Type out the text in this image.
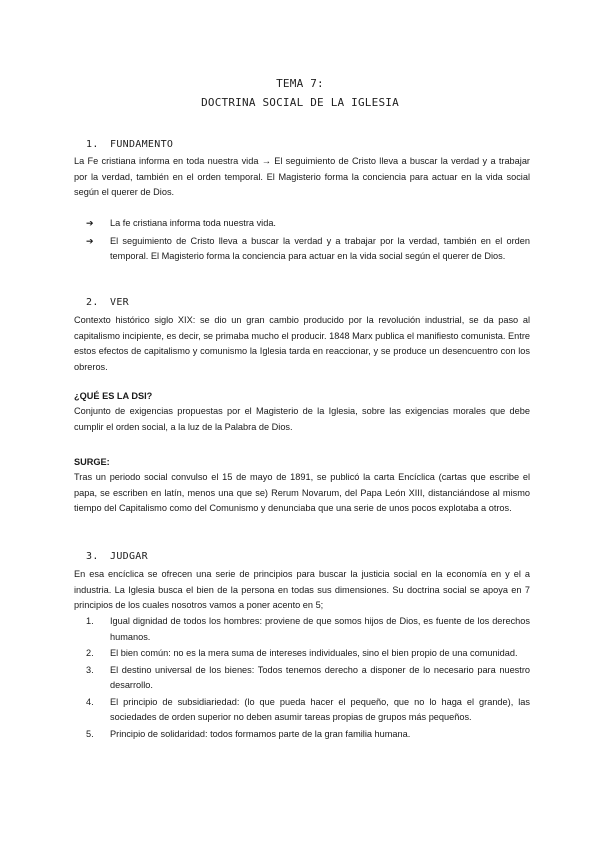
TEMA 7:
DOCTRINA SOCIAL DE LA IGLESIA
1. FUNDAMENTO

La Fe cristiana informa en toda nuestra vida → El seguimiento de Cristo lleva a buscar la verdad y a trabajar por la verdad, también en el orden temporal. El Magisterio forma la conciencia para actuar en la vida social según el querer de Dios.

➔ La fe cristiana informa toda nuestra vida.
➔ El seguimiento de Cristo lleva a buscar la verdad y a trabajar por la verdad, también en el orden temporal. El Magisterio forma la conciencia para actuar en la vida social según el querer de Dios.
2. VER

Contexto histórico siglo XIX: se dio un gran cambio producido por la revolución industrial, se da paso al capitalismo incipiente, es decir, se primaba mucho el producir. 1848 Marx publica el manifiesto comunista. Entre estos efectos de capitalismo y comunismo la Iglesia tarda en reaccionar, y se produce un desencuentro con los obreros.

¿QUÉ ES LA DSI?

Conjunto de exigencias propuestas por el Magisterio de la Iglesia, sobre las exigencias morales que debe cumplir el orden social, a la luz de la Palabra de Dios.

SURGE:

Tras un periodo social convulso el 15 de mayo de 1891, se publicó la carta Encíclica (cartas que escribe el papa, se escriben en latín, menos una que se) Rerum Novarum, del Papa León XIII, distanciándose al mismo tiempo del Capitalismo como del Comunismo y denunciaba que una serie de unos pocos explotaba a otros.

3. JUDGAR

En esa encíclica se ofrecen una serie de principios para buscar la justicia social en la economía en y el a industria. La Iglesia busca el bien de la persona en todas sus dimensiones. Su doctrina social se apoya en 7 principios de los cuales nosotros vamos a poner acento en 5;

1. Igual dignidad de todos los hombres: proviene de que somos hijos de Dios, es fuente de los derechos humanos.
2. El bien común: no es la mera suma de intereses individuales, sino el bien propio de una comunidad.
3. El destino universal de los bienes: Todos tenemos derecho a disponer de lo necesario para nuestro desarrollo.
4. El principio de subsidiariedad: (lo que pueda hacer el pequeño, que no lo haga el grande), las sociedades de orden superior no deben asumir tareas propias de grupos más pequeños.
5. Principio de solidaridad: todos formamos parte de la gran familia humana.
